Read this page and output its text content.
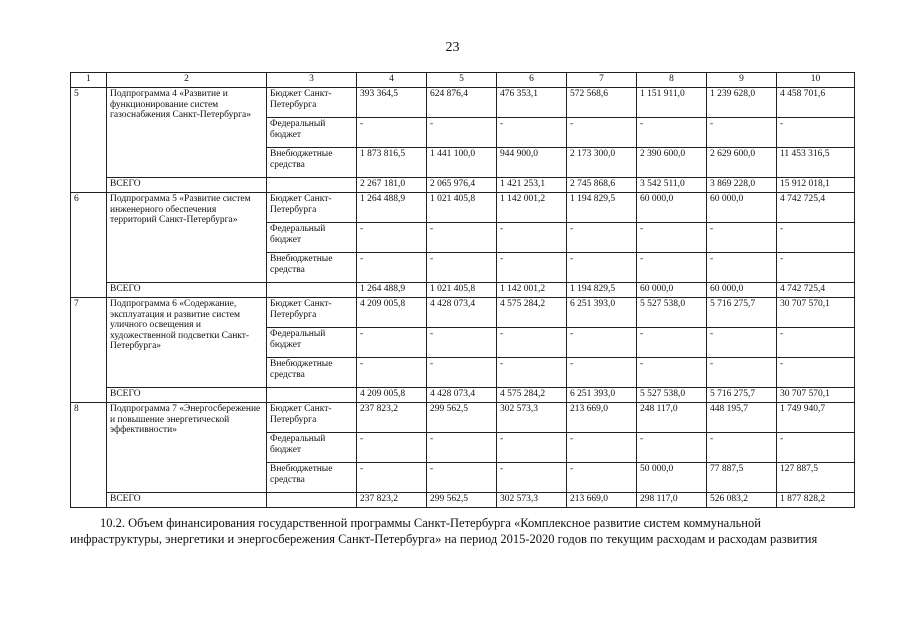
23
1	2	3	4	5	6	7	8	9	10
5	Подпрограмма 4 «Развитие и функционирование систем газоснабжения Санкт-Петербурга»	Бюджет Санкт-Петербурга	393 364,5	624 876,4	476 353,1	572 568,6	1 151 911,0	1 239 628,0	4 458 701,6
		Федеральный бюджет	-	-	-	-	-	-	-
		Внебюджетные средства	1 873 816,5	1 441 100,0	944 900,0	2 173 300,0	2 390 600,0	2 629 600,0	11 453 316,5
	ВСЕГО		2 267 181,0	2 065 976,4	1 421 253,1	2 745 868,6	3 542 511,0	3 869 228,0	15 912 018,1
6	Подпрограмма 5 «Развитие систем инженерного обеспечения территорий Санкт-Петербурга»	Бюджет Санкт-Петербурга	1 264 488,9	1 021 405,8	1 142 001,2	1 194 829,5	60 000,0	60 000,0	4 742 725,4
		Федеральный бюджет	-	-	-	-	-	-	-
		Внебюджетные средства	-	-	-	-	-	-	-
	ВСЕГО		1 264 488,9	1 021 405,8	1 142 001,2	1 194 829,5	60 000,0	60 000,0	4 742 725,4
7	Подпрограмма 6 «Содержание, эксплуатация и развитие систем уличного освещения и художественной подсветки Санкт-Петербурга»	Бюджет Санкт-Петербурга	4 209 005,8	4 428 073,4	4 575 284,2	6 251 393,0	5 527 538,0	5 716 275,7	30 707 570,1
		Федеральный бюджет	-	-	-	-	-	-	-
		Внебюджетные средства	-	-	-	-	-	-	-
	ВСЕГО		4 209 005,8	4 428 073,4	4 575 284,2	6 251 393,0	5 527 538,0	5 716 275,7	30 707 570,1
8	Подпрограмма 7 «Энергосбережение и повышение энергетической эффективности»	Бюджет Санкт-Петербурга	237 823,2	299 562,5	302 573,3	213 669,0	248 117,0	448 195,7	1 749 940,7
		Федеральный бюджет	-	-	-	-	-	-	-
		Внебюджетные средства	-	-	-	-	50 000,0	77 887,5	127 887,5
	ВСЕГО		237 823,2	299 562,5	302 573,3	213 669,0	298 117,0	526 083,2	1 877 828,2
10.2. Объем финансирования государственной программы Санкт-Петербурга «Комплексное развитие систем коммунальной
инфраструктуры, энергетики и энергосбережения Санкт-Петербурга» на период 2015-2020 годов по текущим расходам и расходам развития
